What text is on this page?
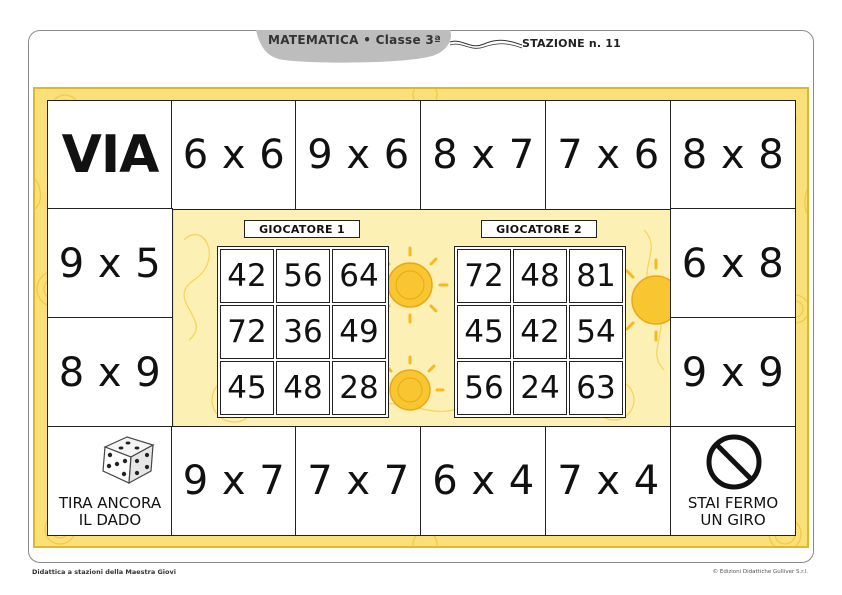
MATEMATICA • Classe 3ª	STAZIONE n. 11
VIA 6 x 6 9 x 6 8 x 7 7 x 6 8 x 8
9 x 5
8 x 9
6 x 8
9 x 9
TIRA ANCORA
IL DADO
9 x 7 7 x 7 6 x 4 7 x 4 STAI FERMO
UN GIRO
GIOCATORE 1
42 56 64
72 36 49
45 48 28
GIOCATORE 2
72 48 81
45 42 54
56 24 63
Didattica a stazioni della Maestra Giovi	© Edizioni Didattiche Gulliver S.r.l.
